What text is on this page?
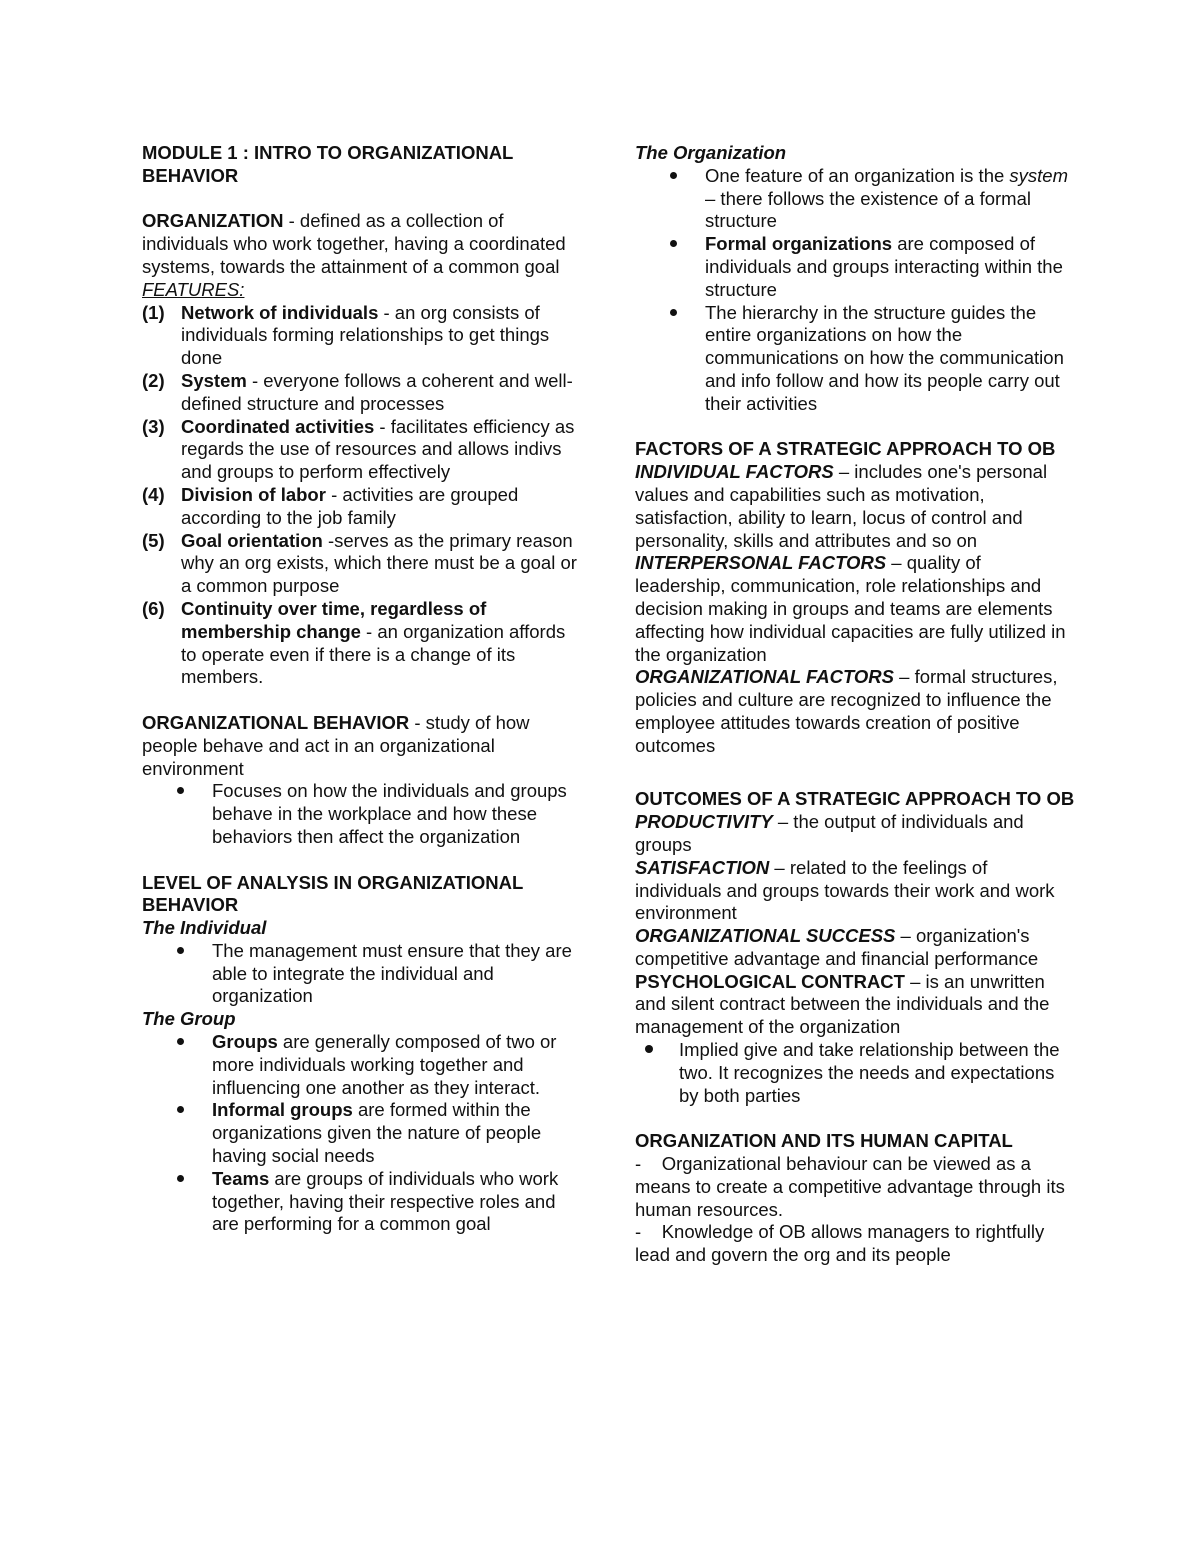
MODULE 1 : INTRO TO ORGANIZATIONAL BEHAVIOR

ORGANIZATION - defined as a collection of individuals who work together, having a coordinated systems, towards the attainment of a common goal

FEATURES:

(1) Network of individuals - an org consists of individuals forming relationships to get things done
(2) System - everyone follows a coherent and well-defined structure and processes
(3) Coordinated activities - facilitates efficiency as regards the use of resources and allows indivs and groups to perform effectively
(4) Division of labor - activities are grouped according to the job family
(5) Goal orientation -serves as the primary reason why an org exists, which there must be a goal or a common purpose
(6) Continuity over time, regardless of membership change - an organization affords to operate even if there is a change of its members.

ORGANIZATIONAL BEHAVIOR - study of how people behave and act in an organizational environment

Focuses on how the individuals and groups behave in the workplace and how these behaviors then affect the organization

LEVEL OF ANALYSIS IN ORGANIZATIONAL BEHAVIOR

The Individual

The management must ensure that they are able to integrate the individual and organization

The Group

Groups are generally composed of two or more individuals working together and influencing one another as they interact.
Informal groups are formed within the organizations given the nature of people having social needs
Teams are groups of individuals who work together, having their respective roles and are performing for a common goal

The Organization

One feature of an organization is the system – there follows the existence of a formal structure
Formal organizations are composed of individuals and groups interacting within the structure
The hierarchy in the structure guides the entire organizations on how the communications on how the communication and info follow and how its people carry out their activities

FACTORS OF A STRATEGIC APPROACH TO OB

INDIVIDUAL FACTORS – includes one's personal values and capabilities such as motivation, satisfaction, ability to learn, locus of control and personality, skills and attributes and so on

INTERPERSONAL FACTORS – quality of leadership, communication, role relationships and decision making in groups and teams are elements affecting how individual capacities are fully utilized in the organization

ORGANIZATIONAL FACTORS – formal structures, policies and culture are recognized to influence the employee attitudes towards creation of positive outcomes

OUTCOMES OF A STRATEGIC APPROACH TO OB

PRODUCTIVITY – the output of individuals and groups

SATISFACTION – related to the feelings of individuals and groups towards their work and work environment

ORGANIZATIONAL SUCCESS – organization's competitive advantage and financial performance

PSYCHOLOGICAL CONTRACT – is an unwritten and silent contract between the individuals and the management of the organization

Implied give and take relationship between the two. It recognizes the needs and expectations by both parties

ORGANIZATION AND ITS HUMAN CAPITAL

-    Organizational behaviour can be viewed as a means to create a competitive advantage through its human resources.

-    Knowledge of OB allows managers to rightfully lead and govern the org and its people
